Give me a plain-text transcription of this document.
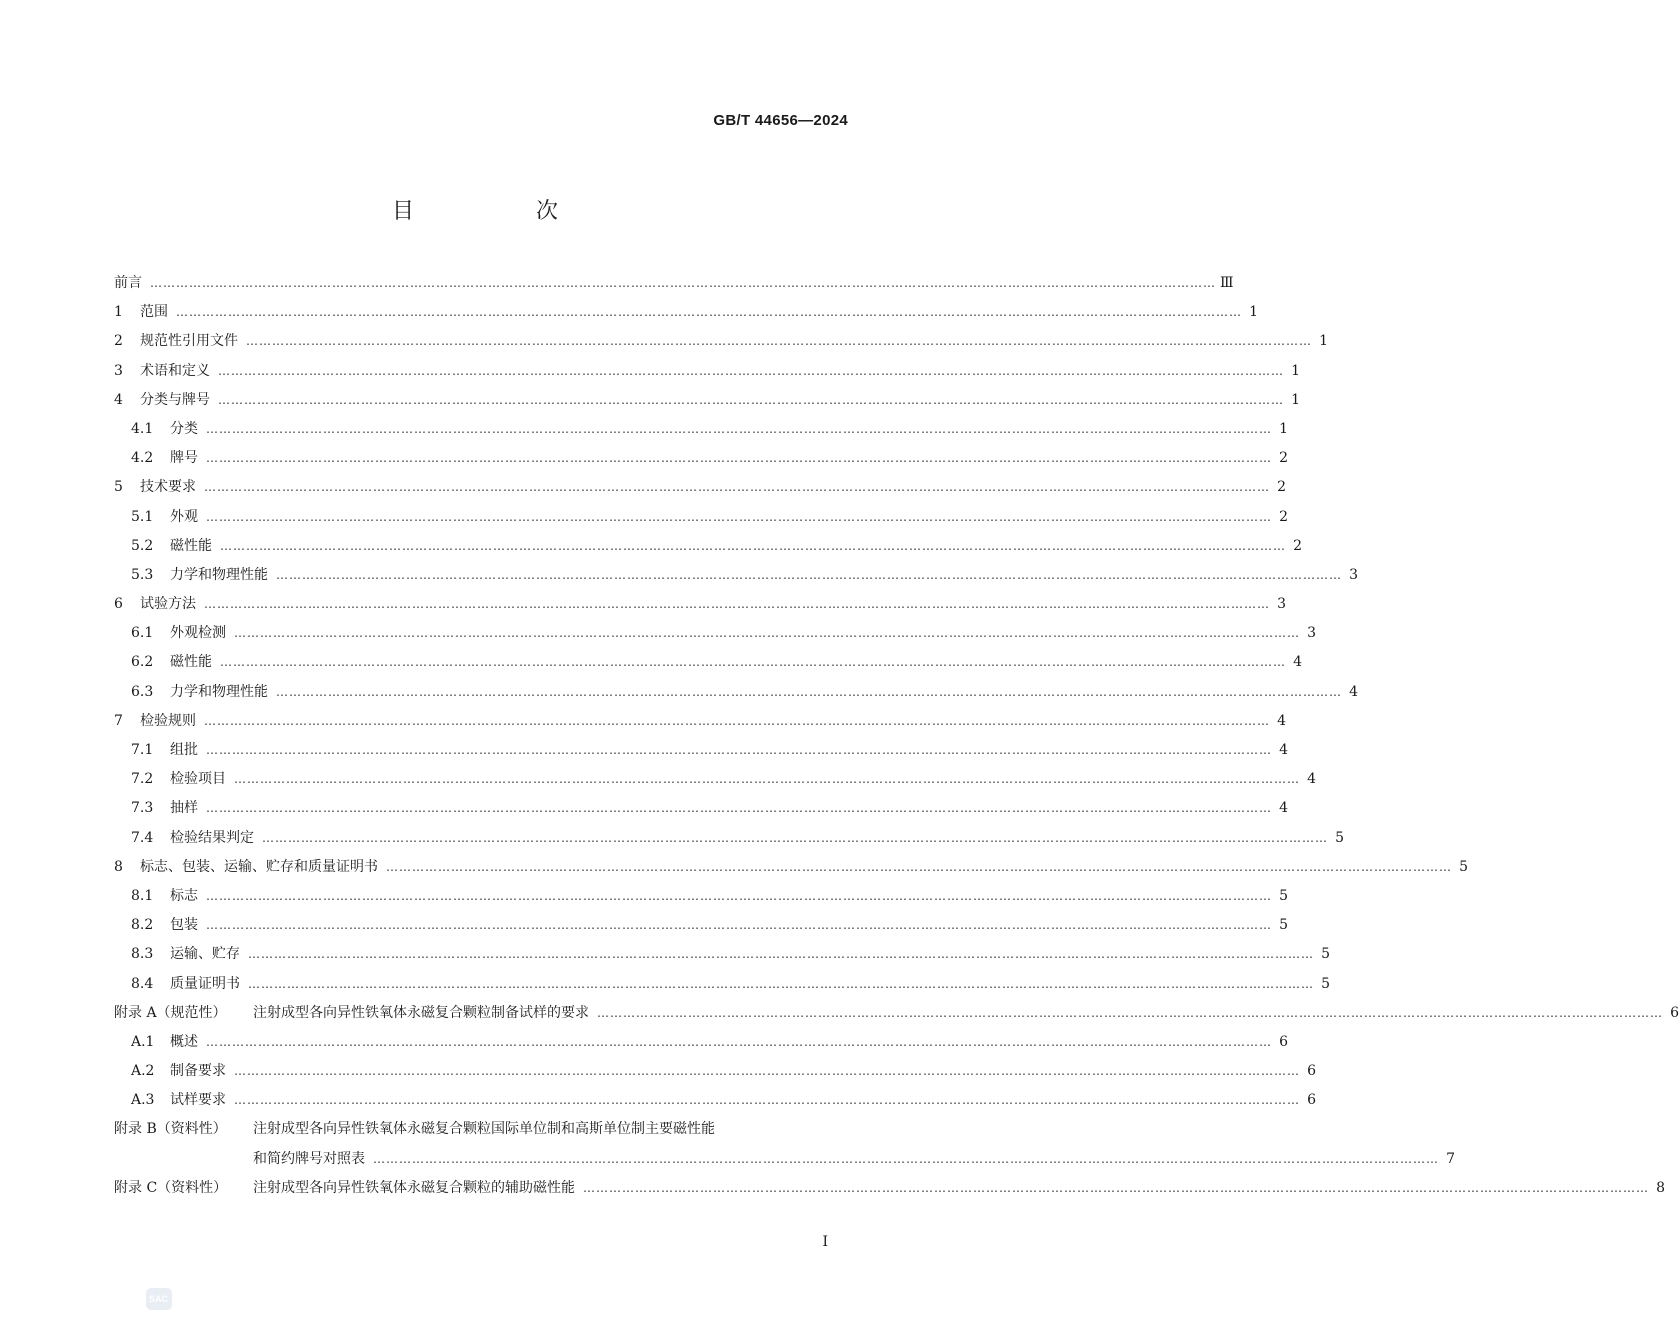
GB/T 44656—2024
目　次
前言 …………………………………………………………………………………………………………………………………………………………………………………………………………………………	Ⅲ
1	范围 …………………………………………………………………………………………………………………………………………………………………………………………………………………………	1
2	规范性引用文件 …………………………………………………………………………………………………………………………………………………………………………………………………………………………	1
3	术语和定义 …………………………………………………………………………………………………………………………………………………………………………………………………………………………	1
4	分类与牌号 …………………………………………………………………………………………………………………………………………………………………………………………………………………………	1
4.1	分类 …………………………………………………………………………………………………………………………………………………………………………………………………………………………	1
4.2	牌号 …………………………………………………………………………………………………………………………………………………………………………………………………………………………	2
5	技术要求 …………………………………………………………………………………………………………………………………………………………………………………………………………………………	2
5.1	外观 …………………………………………………………………………………………………………………………………………………………………………………………………………………………	2
5.2	磁性能 …………………………………………………………………………………………………………………………………………………………………………………………………………………………	2
5.3	力学和物理性能 …………………………………………………………………………………………………………………………………………………………………………………………………………………………	3
6	试验方法 …………………………………………………………………………………………………………………………………………………………………………………………………………………………	3
6.1	外观检测 …………………………………………………………………………………………………………………………………………………………………………………………………………………………	3
6.2	磁性能 …………………………………………………………………………………………………………………………………………………………………………………………………………………………	4
6.3	力学和物理性能 …………………………………………………………………………………………………………………………………………………………………………………………………………………………	4
7	检验规则 …………………………………………………………………………………………………………………………………………………………………………………………………………………………	4
7.1	组批 …………………………………………………………………………………………………………………………………………………………………………………………………………………………	4
7.2	检验项目 …………………………………………………………………………………………………………………………………………………………………………………………………………………………	4
7.3	抽样 …………………………………………………………………………………………………………………………………………………………………………………………………………………………	4
7.4	检验结果判定 …………………………………………………………………………………………………………………………………………………………………………………………………………………………	5
8	标志、包装、运输、贮存和质量证明书 …………………………………………………………………………………………………………………………………………………………………………………………………………………………	5
8.1	标志 …………………………………………………………………………………………………………………………………………………………………………………………………………………………	5
8.2	包装 …………………………………………………………………………………………………………………………………………………………………………………………………………………………	5
8.3	运输、贮存 …………………………………………………………………………………………………………………………………………………………………………………………………………………………	5
8.4	质量证明书 …………………………………………………………………………………………………………………………………………………………………………………………………………………………	5
附录 A（规范性）	注射成型各向异性铁氧体永磁复合颗粒制备试样的要求 …………………………………………………………………………………………………………………………………………………………………………………………………………………………	6
A.1	概述 …………………………………………………………………………………………………………………………………………………………………………………………………………………………	6
A.2	制备要求 …………………………………………………………………………………………………………………………………………………………………………………………………………………………	6
A.3	试样要求 …………………………………………………………………………………………………………………………………………………………………………………………………………………………	6
附录 B（资料性）	注射成型各向异性铁氧体永磁复合颗粒国际单位制和高斯单位制主要磁性能
和简约牌号对照表 …………………………………………………………………………………………………………………………………………………………………………………………………………………………	7
附录 C（资料性）	注射成型各向异性铁氧体永磁复合颗粒的辅助磁性能 …………………………………………………………………………………………………………………………………………………………………………………………………………………………	8
I
SAC
